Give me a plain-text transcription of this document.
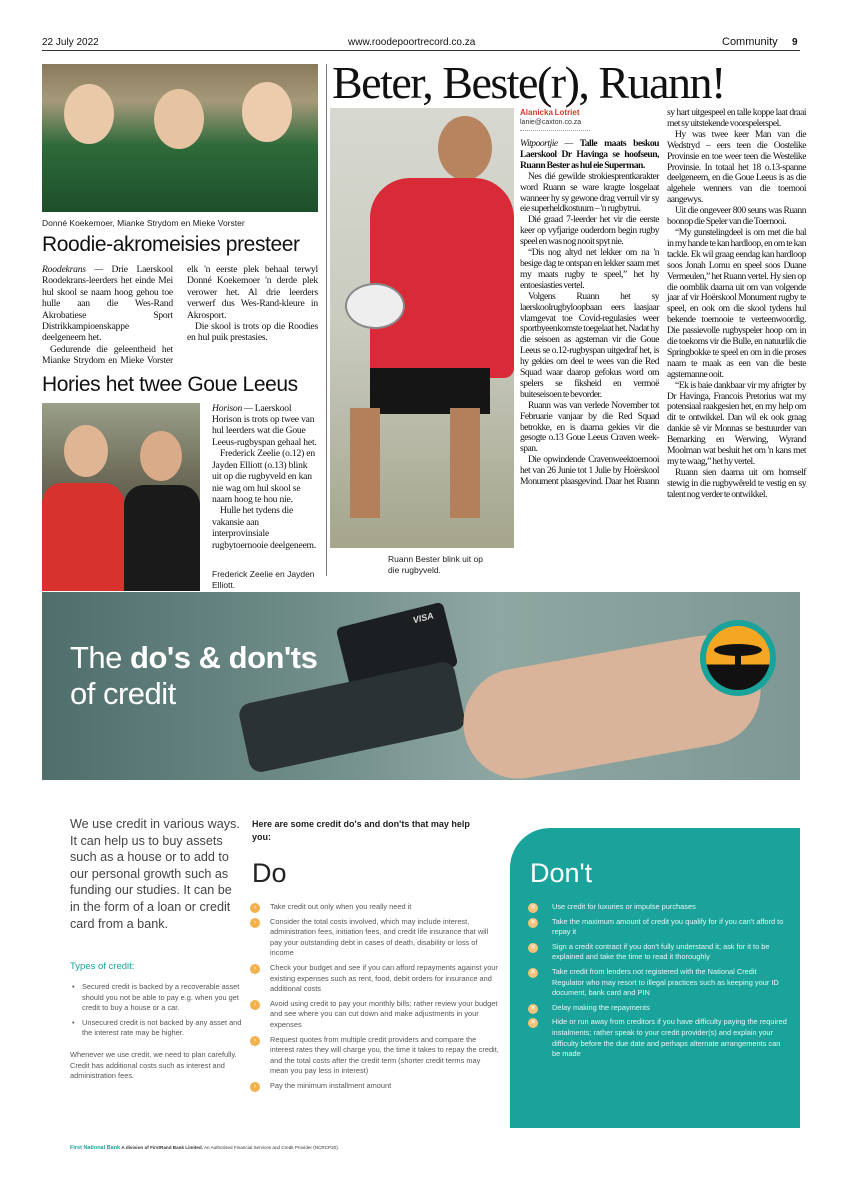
22 July 2022	www.roodepoortrecord.co.za	Community 9
Donné Koekemoer, Mianke Strydom en Mieke Vorster
Roodie-akromeisies presteer

Roodekrans — Drie Laerskool Roodekrans-leerders het einde Mei hul skool se naam hoog gehou toe hulle aan die Wes-Rand Akrobatiese Sport Distrikkampioenskappe deelgeneem het.

Gedurende die geleentheid het Mianke Strydom en Mieke Vorster elk 'n eerste plek behaal terwyl Donné Koekemoer 'n derde plek verower het. Al drie leerders verwerf dus Wes-Rand-kleure in Akrosport.

Die skool is trots op die Roodies en hul puik prestasies.

Hories het twee Goue Leeus

Horison — Laerskool Horison is trots op twee van hul leerders wat die Goue Leeus-rugbyspan gehaal het.

Frederick Zeelie (o.12) en Jayden Elliott (o.13) blink uit op die rugbyveld en kan nie wag om hul skool se naam hoog te hou nie.

Hulle het tydens die vakansie aan interprovinsiale rugbytoernooie deelgeneem.

Frederick Zeelie en Jayden Elliott.
Beter, Beste(r), Ruann!
Ruann Bester blink uit op die rugbyveld.
Alanicka Lotriet
lanie@caxton.co.za

Witpoortjie — Talle maats beskou Laerskool Dr Havinga se hoofseun, Ruann Bester as hul eie Superman.

Nes dié gewilde strokiesprentkarakter word Ruann se ware kragte losgelaat wanneer hy sy gewone drag verruil vir sy eie superheldkostuum – 'n rugbytrui.

Dié graad 7-leerder het vir die eerste keer op vyfjarige ouderdom begin rugby speel en was nog nooit spyt nie.

“Dis nog altyd net lekker om na 'n besige dag te ontspan en lekker saam met my maats rugby te speel,” het hy entoesiasties vertel.

Volgens Ruann het sy laerskoolrugbyloopbaan eers laasjaar vlamgevat toe Covid-regulasies weer sportbyeenkomste toegelaat het. Nadat hy die seisoen as agsteman vir die Goue Leeus se o.12-rugbyspan uitgedraf het, is hy gekies om deel te wees van die Red Squad waar daarop gefokus word om spelers se fiksheid en vermoë buiteseisoen te bevorder.

Ruann was van verlede November tot Februarie vanjaar by die Red Squad betrokke, en is daarna gekies vir die gesogte o.13 Goue Leeus Craven week-span.

Die opwindende Cravenweektoernooi het van 26 Junie tot 1 Julie by Hoërskool Monument plaasgevind. Daar het Ruann sy hart uitgespeel en talle koppe laat draai met sy uitstekende voorspelerspel.

Hy was twee keer Man van die Wedstryd – eers teen die Oostelike Provinsie en toe weer teen die Westelike Provinsie. In totaal het 18 o.13-spanne deelgeneem, en die Goue Leeus is as die algehele wenners van die toernooi aangewys.

Uit die ongeveer 800 seuns was Ruann boonop die Speler van die Toernooi.

“My gunstelingdeel is om met die bal in my hande te kan hardloop, en om te kan tackle. Ek wil graag eendag kan hardloop soos Jonah Lomu en speel soos Duane Vermeulen,” het Ruann vertel. Hy sien op die oomblik daarna uit om van volgende jaar af vir Hoërskool Monument rugby te speel, en ook om die skool tydens hul bekende toernooie te verteenwoordig. Die passievolle rugbyspeler hoop om in die toekoms vir die Bulle, en natuurlik die Springbokke te speel en om in die proses naam te maak as een van die beste agstemanne ooit.

“Ek is baie dankbaar vir my afrigter by Dr Havinga, Francois Pretorius wat my potensiaal raakgesien het, en my help om dit te ontwikkel. Dan wil ek ook graag dankie sê vir Monnas se bestuurder van Bemarking en Werwing, Wyrand Moolman wat besluit het om 'n kans met my te waag,” het hy vertel.

Ruann sien daarna uit om homself stewig in die rugbywêreld te vestig en sy talent nog verder te ontwikkel.

VISA
The do's & don'ts
of credit
We use credit in various ways. It can help us to buy assets such as a house or to add to our personal growth such as funding our studies. It can be in the form of a loan or credit card from a bank.
Types of credit:
• Secured credit is backed by a recoverable asset should you not be able to pay e.g. when you get credit to buy a house or a car.
• Unsecured credit is not backed by any asset and the interest rate may be higher.
Whenever we use credit, we need to plan carefully. Credit has additional costs such as interest and administration fees.
Here are some credit do's and don'ts that may help you:
Do
›	Take credit out only when you really need it
›	Consider the total costs involved, which may include interest, administration fees, initiation fees, and credit life insurance that will pay your outstanding debt in cases of death, disability or loss of income
›	Check your budget and see if you can afford repayments against your existing expenses such as rent, food, debit orders for insurance and additional costs
›	Avoid using credit to pay your monthly bills; rather review your budget and see where you can cut down and make adjustments in your expenses
›	Request quotes from multiple credit providers and compare the interest rates they will charge you, the time it takes to repay the credit, and the total costs after the credit term (shorter credit terms may mean you pay less in interest)
›	Pay the minimum installment amount
Don't
✕ Use credit for luxuries or impulse purchases
✕ Take the maximum amount of credit you qualify for if you can't afford to repay it
✕ Sign a credit contract if you don't fully understand it; ask for it to be explained and take the time to read it thoroughly
✕ Take credit from lenders not registered with the National Credit Regulator who may resort to illegal practices such as keeping your ID document, bank card and PIN
✕ Delay making the repayments
✕ Hide or run away from creditors if you have difficulty paying the required instalments; rather speak to your credit provider(s) and explain your difficulty before the due date and perhaps alternate arrangements can be made
First National Bank A division of FirstRand Bank Limited. An Authorised Financial Services and Credit Provider (NCRCP20).
